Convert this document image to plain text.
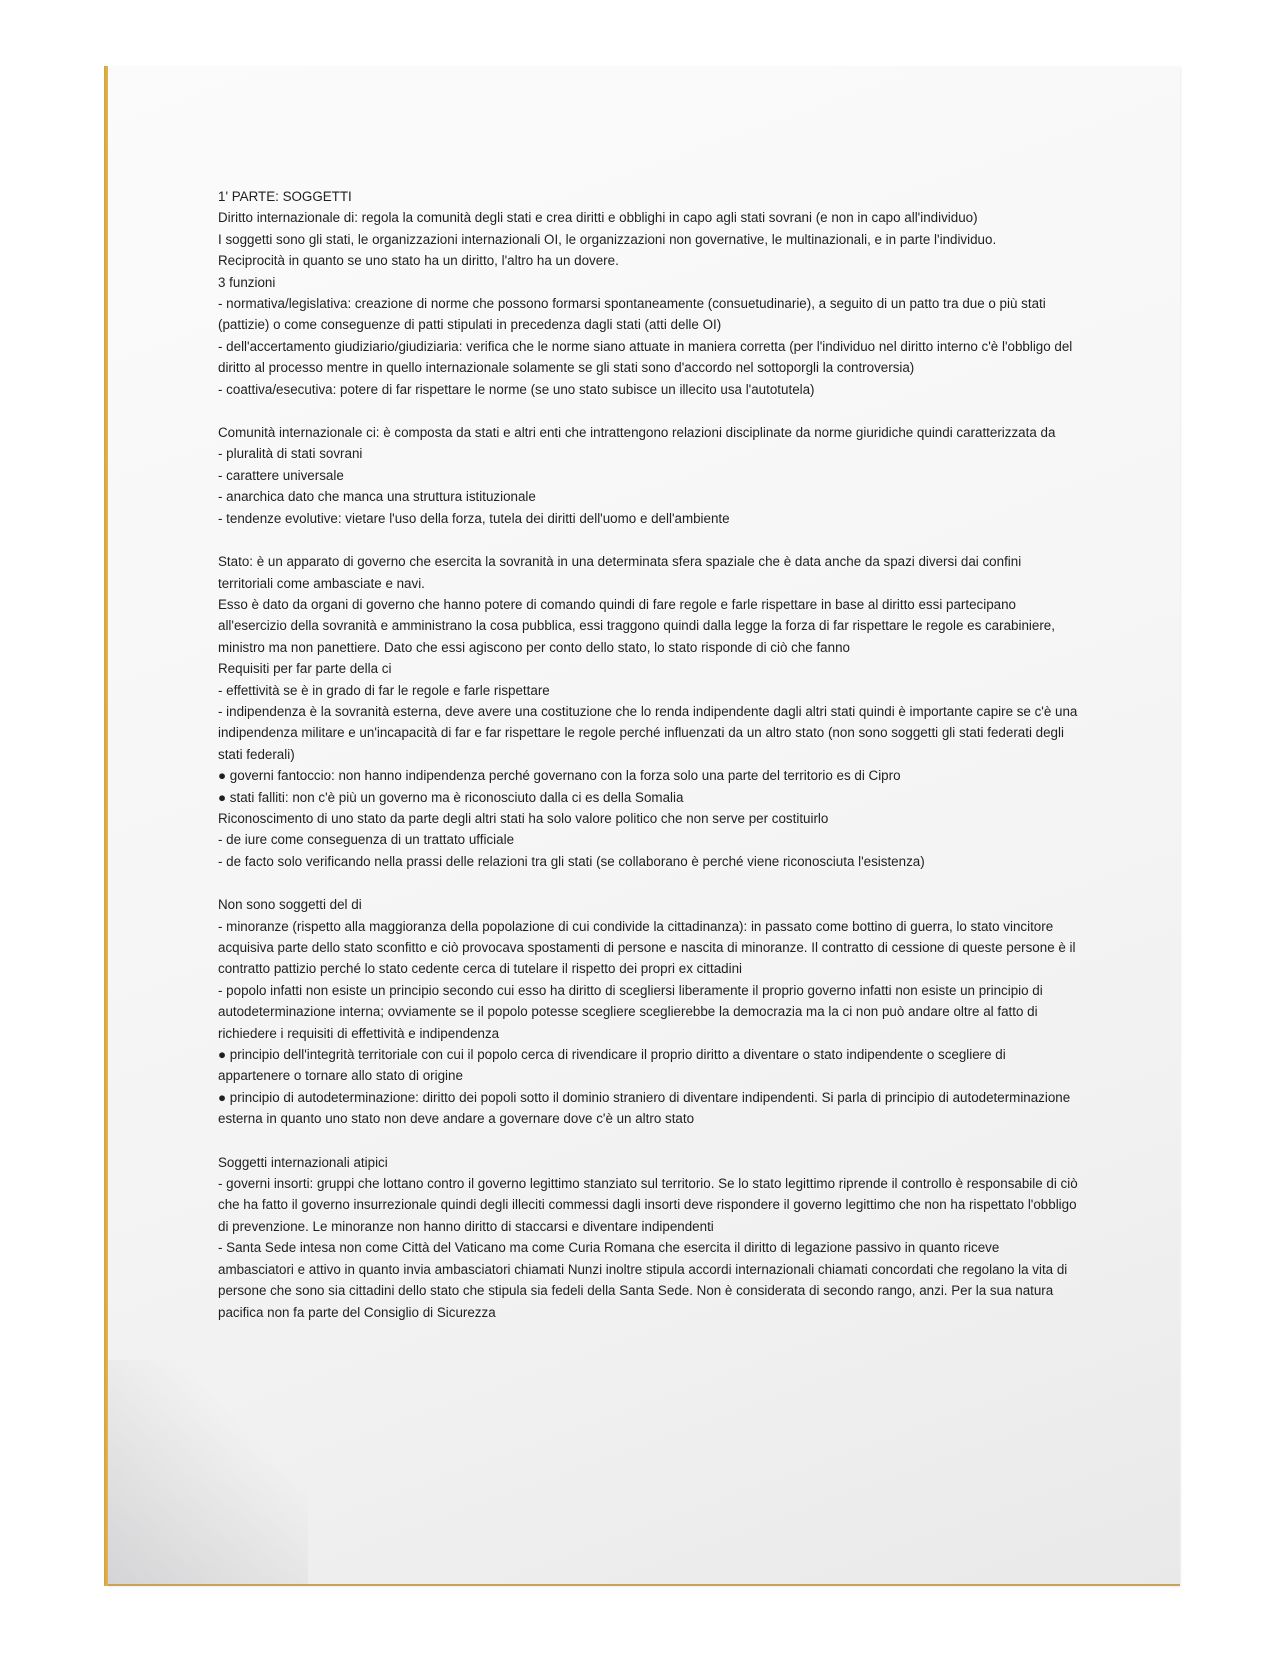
1' PARTE: SOGGETTI

Diritto internazionale di: regola la comunità degli stati e crea diritti e obblighi in capo agli stati sovrani (e non in capo all'individuo)

I soggetti sono gli stati, le organizzazioni internazionali OI, le organizzazioni non governative, le multinazionali, e in parte l'individuo.

Reciprocità in quanto se uno stato ha un diritto, l'altro ha un dovere.

3 funzioni

- normativa/legislativa: creazione di norme che possono formarsi spontaneamente (consuetudinarie), a seguito di un patto tra due o più stati (pattizie) o come conseguenze di patti stipulati in precedenza dagli stati (atti delle OI)

- dell'accertamento giudiziario/giudiziaria: verifica che le norme siano attuate in maniera corretta (per l'individuo nel diritto interno c'è l'obbligo del diritto al processo mentre in quello internazionale solamente se gli stati sono d'accordo nel sottoporgli la controversia)

- coattiva/esecutiva: potere di far rispettare le norme (se uno stato subisce un illecito usa l'autotutela)

Comunità internazionale ci: è composta da stati e altri enti che intrattengono relazioni disciplinate da norme giuridiche quindi caratterizzata da

- pluralità di stati sovrani

- carattere universale

- anarchica dato che manca una struttura istituzionale

- tendenze evolutive: vietare l'uso della forza, tutela dei diritti dell'uomo e dell'ambiente

Stato: è un apparato di governo che esercita la sovranità in una determinata sfera spaziale che è data anche da spazi diversi dai confini territoriali come ambasciate e navi.

Esso è dato da organi di governo che hanno potere di comando quindi di fare regole e farle rispettare in base al diritto essi partecipano all'esercizio della sovranità e amministrano la cosa pubblica, essi traggono quindi dalla legge la forza di far rispettare le regole es carabiniere, ministro ma non panettiere. Dato che essi agiscono per conto dello stato, lo stato risponde di ciò che fanno

Requisiti per far parte della ci

- effettività se è in grado di far le regole e farle rispettare

- indipendenza è la sovranità esterna, deve avere una costituzione che lo renda indipendente dagli altri stati quindi è importante capire se c'è una indipendenza militare e un'incapacità di far e far rispettare le regole perché influenzati da un altro stato (non sono soggetti gli stati federati degli stati federali)

● governi fantoccio: non hanno indipendenza perché governano con la forza solo una parte del territorio es di Cipro

● stati falliti: non c'è più un governo ma è riconosciuto dalla ci es della Somalia

Riconoscimento di uno stato da parte degli altri stati ha solo valore politico che non serve per costituirlo

- de iure come conseguenza di un trattato ufficiale

- de facto solo verificando nella prassi delle relazioni tra gli stati (se collaborano è perché viene riconosciuta l'esistenza)

Non sono soggetti del di

- minoranze (rispetto alla maggioranza della popolazione di cui condivide la cittadinanza): in passato come bottino di guerra, lo stato vincitore acquisiva parte dello stato sconfitto e ciò provocava spostamenti di persone e nascita di minoranze. Il contratto di cessione di queste persone è il contratto pattizio perché lo stato cedente cerca di tutelare il rispetto dei propri ex cittadini

- popolo infatti non esiste un principio secondo cui esso ha diritto di scegliersi liberamente il proprio governo infatti non esiste un principio di autodeterminazione interna; ovviamente se il popolo potesse scegliere sceglierebbe la democrazia ma la ci non può andare oltre al fatto di richiedere i requisiti di effettività e indipendenza

● principio dell'integrità territoriale con cui il popolo cerca di rivendicare il proprio diritto a diventare o stato indipendente o scegliere di appartenere o tornare allo stato di origine

● principio di autodeterminazione: diritto dei popoli sotto il dominio straniero di diventare indipendenti. Si parla di principio di autodeterminazione esterna in quanto uno stato non deve andare a governare dove c'è un altro stato

Soggetti internazionali atipici

- governi insorti: gruppi che lottano contro il governo legittimo stanziato sul territorio. Se lo stato legittimo riprende il controllo è responsabile di ciò che ha fatto il governo insurrezionale quindi degli illeciti commessi dagli insorti deve rispondere il governo legittimo che non ha rispettato l'obbligo di prevenzione. Le minoranze non hanno diritto di staccarsi e diventare indipendenti

- Santa Sede intesa non come Città del Vaticano ma come Curia Romana che esercita il diritto di legazione passivo in quanto riceve ambasciatori e attivo in quanto invia ambasciatori chiamati Nunzi inoltre stipula accordi internazionali chiamati concordati che regolano la vita di persone che sono sia cittadini dello stato che stipula sia fedeli della Santa Sede. Non è considerata di secondo rango, anzi. Per la sua natura pacifica non fa parte del Consiglio di Sicurezza
